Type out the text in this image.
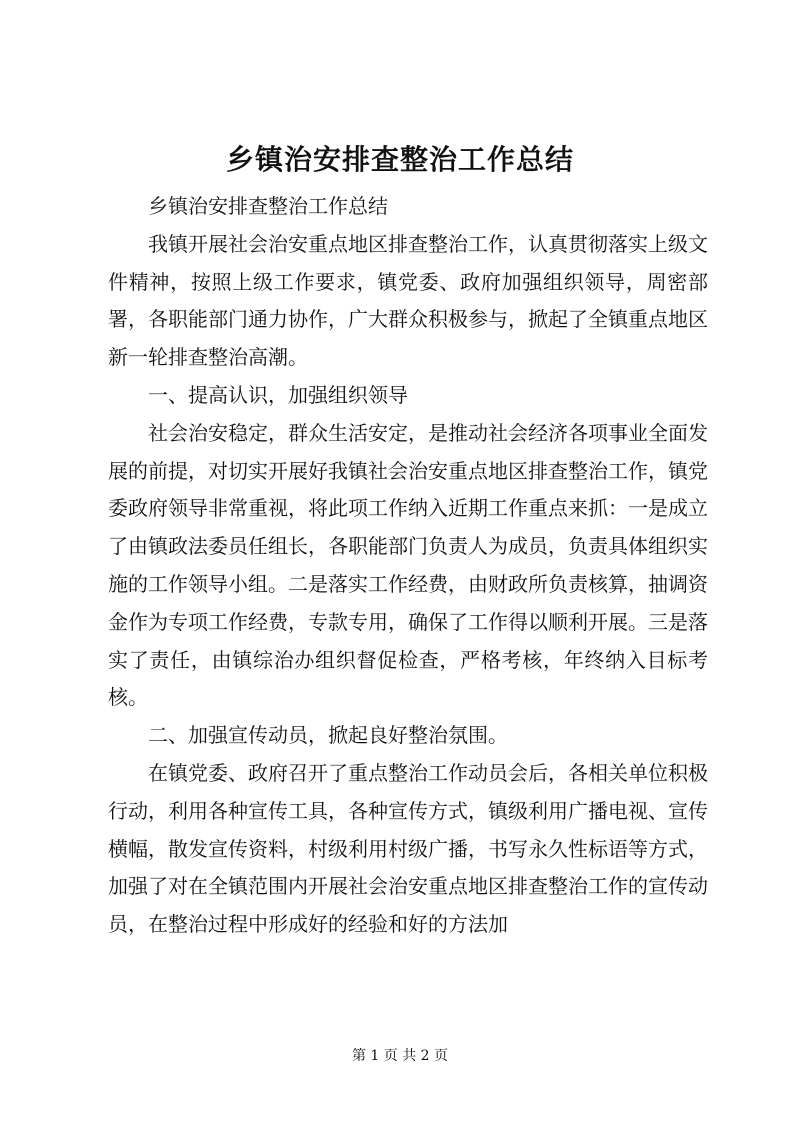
乡镇治安排查整治工作总结

乡镇治安排查整治工作总结

我镇开展社会治安重点地区排查整治工作，认真贯彻落实上级文件精神，按照上级工作要求，镇党委、政府加强组织领导，周密部署，各职能部门通力协作，广大群众积极参与，掀起了全镇重点地区新一轮排查整治高潮。

一、提高认识，加强组织领导

社会治安稳定，群众生活安定，是推动社会经济各项事业全面发展的前提，对切实开展好我镇社会治安重点地区排查整治工作，镇党委政府领导非常重视，将此项工作纳入近期工作重点来抓：一是成立了由镇政法委员任组长，各职能部门负责人为成员，负责具体组织实施的工作领导小组。二是落实工作经费，由财政所负责核算，抽调资金作为专项工作经费，专款专用，确保了工作得以顺利开展。三是落实了责任，由镇综治办组织督促检查，严格考核，年终纳入目标考核。

二、加强宣传动员，掀起良好整治氛围。

在镇党委、政府召开了重点整治工作动员会后，各相关单位积极行动，利用各种宣传工具，各种宣传方式，镇级利用广播电视、宣传横幅，散发宣传资料，村级利用村级广播，书写永久性标语等方式，加强了对在全镇范围内开展社会治安重点地区排查整治工作的宣传动员，在整治过程中形成好的经验和好的方法加

第 1 页 共 2 页
